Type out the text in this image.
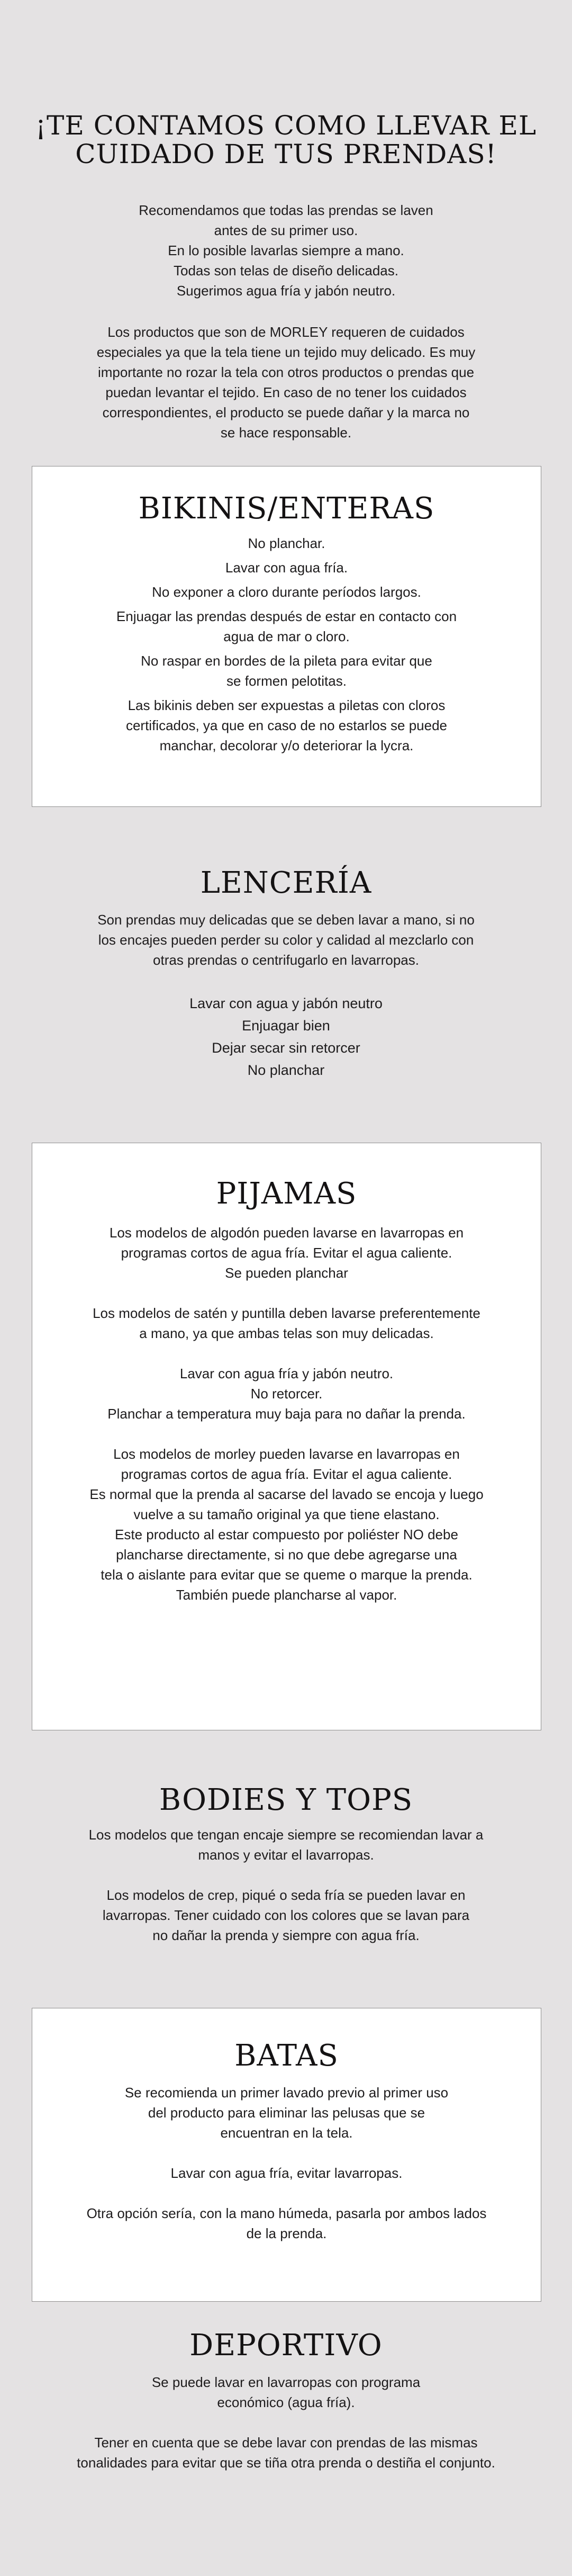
¡TE CONTAMOS COMO LLEVAR EL
CUIDADO DE TUS PRENDAS!

Recomendamos que todas las prendas se laven
antes de su primer uso.

En lo posible lavarlas siempre a mano.

Todas son telas de diseño delicadas.

Sugerimos agua fría y jabón neutro.

Los productos que son de MORLEY requeren de cuidados
especiales ya que la tela tiene un tejido muy delicado. Es muy
importante no rozar la tela con otros productos o prendas que
puedan levantar el tejido. En caso de no tener los cuidados
correspondientes, el producto se puede dañar y la marca no
se hace responsable.

BIKINIS/ENTERAS

No planchar.

Lavar con agua fría.

No exponer a cloro durante períodos largos.

Enjuagar las prendas después de estar en contacto con
agua de mar o cloro.

No raspar en bordes de la pileta para evitar que
se formen pelotitas.

Las bikinis deben ser expuestas a piletas con cloros
certificados, ya que en caso de no estarlos se puede
manchar, decolorar y/o deteriorar la lycra.

LENCERÍA

Son prendas muy delicadas que se deben lavar a mano, si no
los encajes pueden perder su color y calidad al mezclarlo con
otras prendas o centrifugarlo en lavarropas.

Lavar con agua y jabón neutro

Enjuagar bien

Dejar secar sin retorcer

No planchar

PIJAMAS

Los modelos de algodón pueden lavarse en lavarropas en
programas cortos de agua fría. Evitar el agua caliente.
Se pueden planchar

Los modelos de satén y puntilla deben lavarse preferentemente
a mano, ya que ambas telas son muy delicadas.

Lavar con agua fría y jabón neutro.
No retorcer.
Planchar a temperatura muy baja para no dañar la prenda.

Los modelos de morley pueden lavarse en lavarropas en
programas cortos de agua fría. Evitar el agua caliente.
Es normal que la prenda al sacarse del lavado se encoja y luego
vuelve a su tamaño original ya que tiene elastano.
Este producto al estar compuesto por poliéster NO debe
plancharse directamente, si no que debe agregarse una
tela o aislante para evitar que se queme o marque la prenda.
También puede plancharse al vapor.

BODIES Y TOPS

Los modelos que tengan encaje siempre se recomiendan lavar a
manos y evitar el lavarropas.

Los modelos de crep, piqué o seda fría se pueden lavar en
lavarropas. Tener cuidado con los colores que se lavan para
no dañar la prenda y siempre con agua fría.

BATAS

Se recomienda un primer lavado previo al primer uso
del producto para eliminar las pelusas que se
encuentran en la tela.

Lavar con agua fría, evitar lavarropas.

Otra opción sería, con la mano húmeda, pasarla por ambos lados
de la prenda.

DEPORTIVO

Se puede lavar en lavarropas con programa
económico (agua fría).

Tener en cuenta que se debe lavar con prendas de las mismas
tonalidades para evitar que se tiña otra prenda o destiña el conjunto.
